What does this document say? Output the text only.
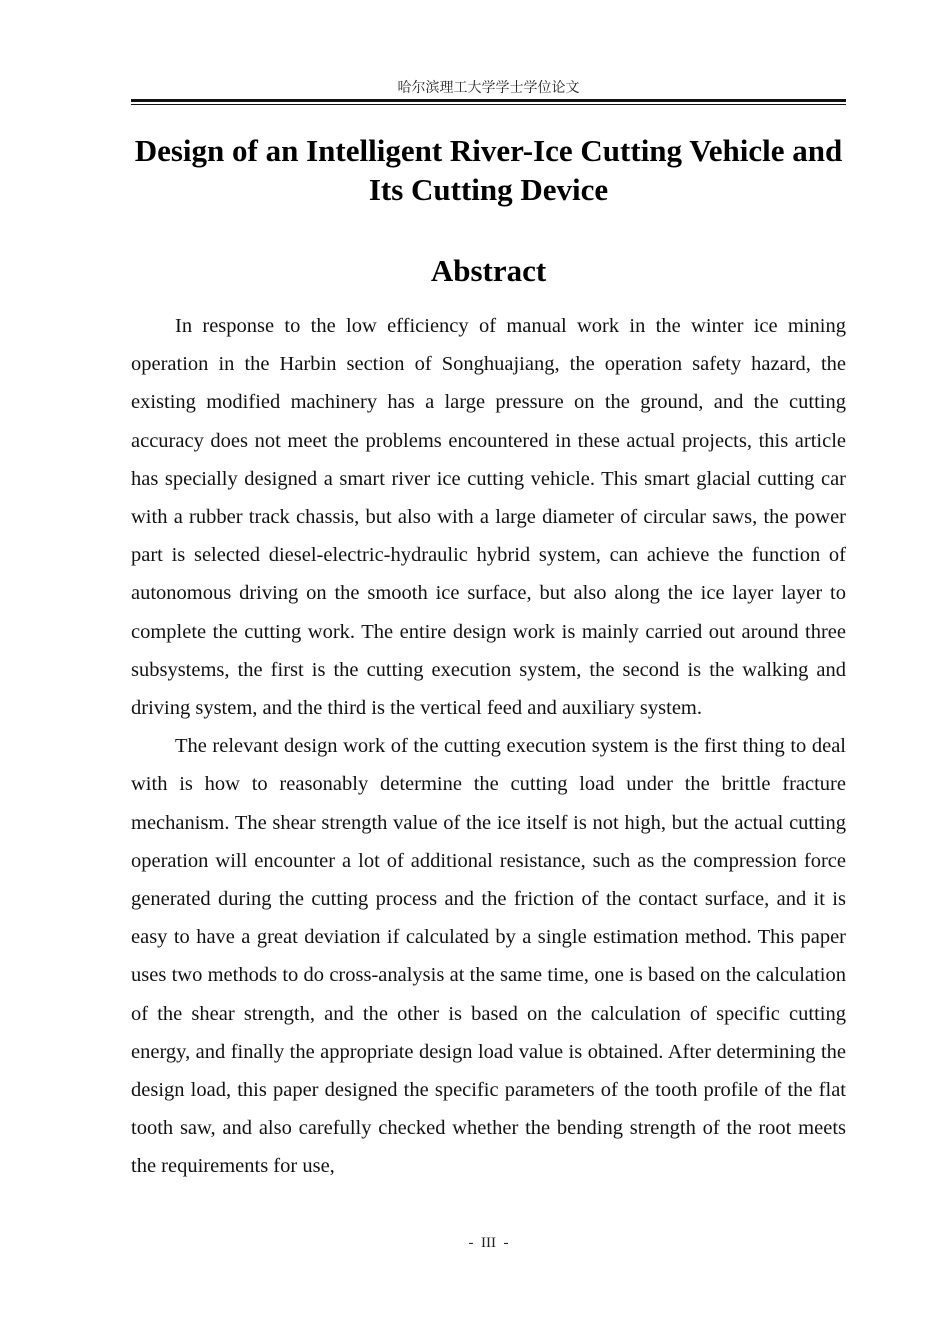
哈尔滨理工大学学士学位论文
Design of an Intelligent River-Ice Cutting Vehicle and Its Cutting Device
Abstract

In response to the low efficiency of manual work in the winter ice mining operation in the Harbin section of Songhuajiang, the operation safety hazard, the existing modified machinery has a large pressure on the ground, and the cutting accuracy does not meet the problems encountered in these actual projects, this article has specially designed a smart river ice cutting vehicle. This smart glacial cutting car with a rubber track chassis, but also with a large diameter of circular saws, the power part is selected diesel-electric-hydraulic hybrid system, can achieve the function of autonomous driving on the smooth ice surface, but also along the ice layer layer to complete the cutting work. The entire design work is mainly carried out around three subsystems, the first is the cutting execution system, the second is the walking and driving system, and the third is the vertical feed and auxiliary system.

The relevant design work of the cutting execution system is the first thing to deal with is how to reasonably determine the cutting load under the brittle fracture mechanism. The shear strength value of the ice itself is not high, but the actual cutting operation will encounter a lot of additional resistance, such as the compression force generated during the cutting process and the friction of the contact surface, and it is easy to have a great deviation if calculated by a single estimation method. This paper uses two methods to do cross-analysis at the same time, one is based on the calculation of the shear strength, and the other is based on the calculation of specific cutting energy, and finally the appropriate design load value is obtained. After determining the design load, this paper designed the specific parameters of the tooth profile of the flat tooth saw, and also carefully checked whether the bending strength of the root meets the requirements for use,

-  III  -
